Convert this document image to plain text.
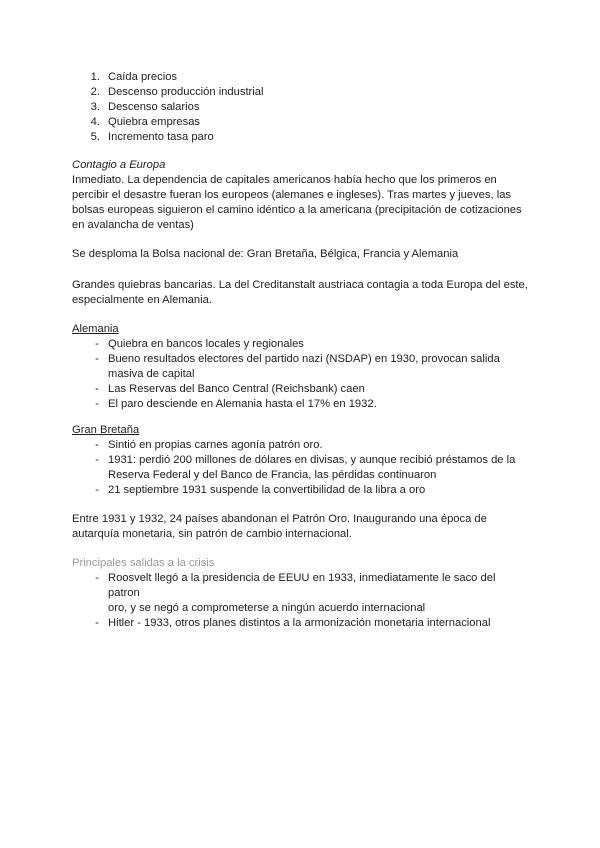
1. Caída precios
2. Descenso producción industrial
3. Descenso salarios
4. Quiebra empresas
5. Incremento tasa paro
Contagio a Europa
Inmediato. La dependencia de capitales americanos había hecho que los primeros en
percibir el desastre fueran los europeos (alemanes e ingleses). Tras martes y jueves, las
bolsas europeas siguieron el camino idéntico a la americana (precipitación de cotizaciones
en avalancha de ventas)
Se desploma la Bolsa nacional de: Gran Bretaña, Bélgica, Francia y Alemania
Grandes quiebras bancarias. La del Creditanstalt austriaca contagia a toda Europa del este,
especialmente en Alemania.
Alemania
- Quiebra en bancos locales y regionales
- Bueno resultados electores del partido nazi (NSDAP) en 1930, provocan salida
masiva de capital
- Las Reservas del Banco Central (Reichsbank) caen
- El paro desciende en Alemania hasta el 17% en 1932.
Gran Bretaña
- Sintió en propias carnes agonía patrón oro.
- 1931: perdió 200 millones de dólares en divisas, y aunque recibió préstamos de la
Reserva Federal y del Banco de Francia, las pérdidas continuaron
- 21 septiembre 1931 suspende la convertibilidad de la libra a oro
Entre 1931 y 1932, 24 países abandonan el Patrón Oro. Inaugurando una época de
autarquía monetaria, sin patrón de cambio internacional.
Principales salidas a la crisis
- Roosvelt llegó a la presidencia de EEUU en 1933, inmediatamente le saco del patron
oro, y se negó a comprometerse a ningún acuerdo internacional
- Hitler - 1933, otros planes distintos a la armonización monetaria internacional
